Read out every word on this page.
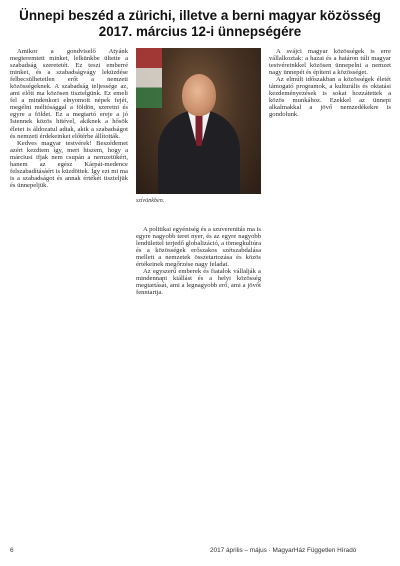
Ünnepi beszéd a zürichi, illetve a berni magyar közösség 2017. március 12-i ünnepségére

Amikor a gondviselő Atyánk megteremtett minket, lelkünkbe ültette a szabadság szeretetét. Ez teszi emberré minket, és a szabadságvágy leküzdése felbecsülhetetlen erőt a nemzeti közösségeknek. A szabadság teljessége az, ami előtt ma közösen tisztelgünk. Ez emeli fel a mindenkori elnyomott népek fejét, megélni méltósággal a földön, szeretni és egyre a földet. Ez a megtartó ereje a jó Istennek közös hitével, akiknek a hősök életet is áldozatul adtak, akik a szabadságot és nemzeti érdekeinket előtérbe állították.

Kedves magyar testvérek! Beszédemet azért kezdtem így, mert hiszem, hogy a márciusi ifjak nem csupán a nemzetükért, hanem az egész Kárpát-medence felszabadításáért is küzdöttek. Így ezt mi ma is a szabadságot és annak értékét tiszteljük és ünnepeljük.

szívünkben.

A politikai egyéniség és a szuverenitás ma is egyre nagyobb teret nyer, és az egyre nagyobb lendülettel terjedő globalizáció, a tömegkultúra és a közösségek erőszakos szétszabdalása mellett a nemzetek összetartozása és közös értékeinek megőrzése nagy feladat.

Az egyszerű emberek és fiatalok vállalják a mindennapi kiállást és a helyi közösség megtartását, ami a legnagyobb erő, ami a jövőt fenntartja.

A svájci magyar közösségek is erre vállalkoztak: a hazai és a határon túli magyar testvéreinkkel közösen ünnepelni a nemzet nagy ünnepét és építeni a közösséget.

Az elmúlt időszakban a közösségek életét támogató programok, a kulturális és oktatási kezdeményezések is sokat hozzátettek a közös munkához. Ezekkel az ünnepi alkalmakkal a jövő nemzedékekre is gondolunk.

6	2017 április – május · MagyarHáz Független Híradó
